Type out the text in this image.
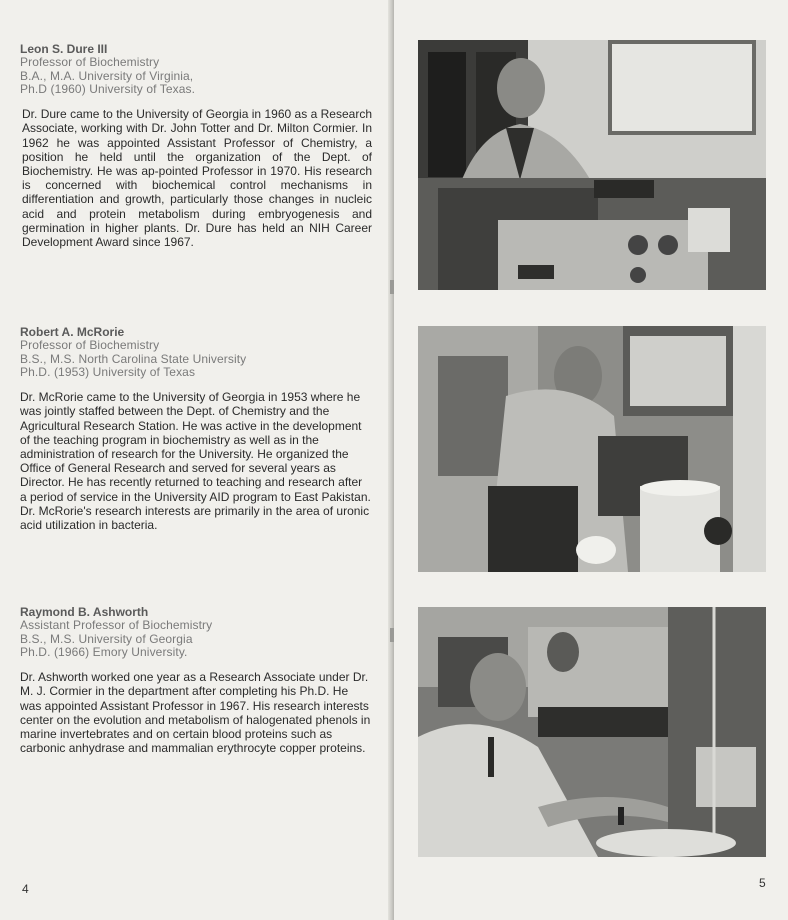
Leon S. Dure III
Professor of Biochemistry
B.A., M.A. University of Virginia,
Ph.D (1960) University of Texas.
Dr. Dure came to the University of Georgia in 1960 as a Research Associate, working with Dr. John Totter and Dr. Milton Cormier. In 1962 he was appointed Assistant Professor of Chemistry, a position he held until the organization of the Dept. of Biochemistry. He was ap-pointed Professor in 1970. His research is concerned with biochemical control mechanisms in differentiation and growth, particularly those changes in nucleic acid and protein metabolism during embryogenesis and germination in higher plants. Dr. Dure has held an NIH Career Development Award since 1967.
Robert A. McRorie
Professor of Biochemistry
B.S., M.S. North Carolina State University
Ph.D. (1953) University of Texas
Dr. McRorie came to the University of Georgia in 1953 where he was jointly staffed between the Dept. of Chemistry and the Agricultural Research Station. He was active in the development of the teaching program in biochemistry as well as in the administration of research for the University. He organized the Office of General Research and served for several years as Director. He has recently returned to teaching and research after a period of service in the University AID program to East Pakistan. Dr. McRorie's research interests are primarily in the area of uronic acid utilization in bacteria.
Raymond B. Ashworth
Assistant Professor of Biochemistry
B.S., M.S. University of Georgia
Ph.D. (1966) Emory University.
Dr. Ashworth worked one year as a Research Associate under Dr. M. J. Cormier in the department after completing his Ph.D. He was appointed Assistant Professor in 1967. His research interests center on the evolution and metabolism of halogenated phenols in marine invertebrates and on certain blood proteins such as carbonic anhydrase and mammalian erythrocyte copper proteins.
4	5
